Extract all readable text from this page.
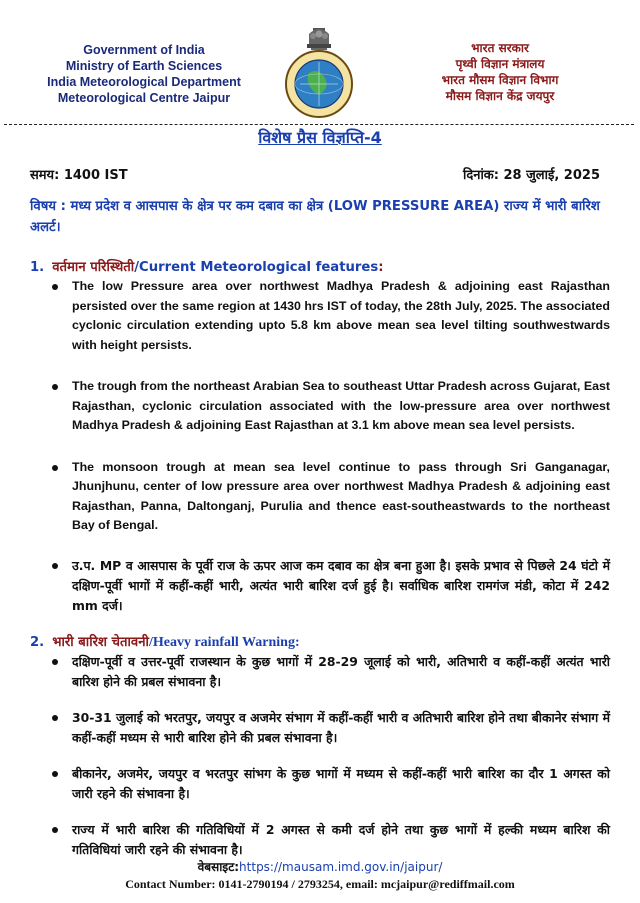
Government of India
Ministry of Earth Sciences
India Meteorological Department
Meteorological Centre Jaipur
भारत सरकार
पृथ्वी विज्ञान मंत्रालय
भारत मौसम विज्ञान विभाग
मौसम विज्ञान केंद्र जयपुर
विशेष प्रैस विज्ञप्ति-4
समय: 1400 IST	दिनांक: 28 जुलाई, 2025
विषय : मध्य प्रदेश व आसपास के क्षेत्र पर कम दबाव का क्षेत्र (LOW PRESSURE AREA) राज्य में भारी बारिश अलर्ट।
1. वर्तमान परिस्थिती/Current Meteorological features:
The low Pressure area over northwest Madhya Pradesh & adjoining east Rajasthan persisted over the same region at 1430 hrs IST of today, the 28th July, 2025. The associated cyclonic circulation extending upto 5.8 km above mean sea level tilting southwestwards with height persists.
The trough from the northeast Arabian Sea to southeast Uttar Pradesh across Gujarat, East Rajasthan, cyclonic circulation associated with the low-pressure area over northwest Madhya Pradesh & adjoining East Rajasthan at 3.1 km above mean sea level persists.
The monsoon trough at mean sea level continue to pass through Sri Ganganagar, Jhunjhunu, center of low pressure area over northwest Madhya Pradesh & adjoining east Rajasthan, Panna, Daltonganj, Purulia and thence east-southeastwards to the northeast Bay of Bengal.
उ.प. MP व आसपास के पूर्वी राज के ऊपर आज कम दबाव का क्षेत्र बना हुआ है। इसके प्रभाव से पिछले 24 घंटो में दक्षिण-पूर्वी भागों में कहीं-कहीं भारी, अत्यंत भारी बारिश दर्ज हुई है। सर्वाधिक बारिश रामगंज मंडी, कोटा में 242 mm दर्ज।
2. भारी बारिश चेतावनी/Heavy rainfall Warning:
दक्षिण-पूर्वी व उत्तर-पूर्वी राजस्थान के कुछ भागों में 28-29 जूलाई को भारी, अतिभारी व कहीं-कहीं अत्यंत भारी बारिश होने की प्रबल संभावना है।
30-31 जुलाई को भरतपुर, जयपुर व अजमेर संभाग में कहीं-कहीं भारी व अतिभारी बारिश होने तथा बीकानेर संभाग में कहीं-कहीं मध्यम से भारी बारिश होने की प्रबल संभावना है।
बीकानेर, अजमेर, जयपुर व भरतपुर सांभग के कुछ भागों में मध्यम से कहीं-कहीं भारी बारिश का दौर 1 अगस्त को जारी रहने की संभावना है।
राज्य में भारी बारिश की गतिविधियों में 2 अगस्त से कमी दर्ज होने तथा कुछ भागों में हल्की मध्यम बारिश की गतिविधियां जारी रहने की संभावना है।
वेबसाइट:https://mausam.imd.gov.in/jaipur/
Contact Number: 0141-2790194 / 2793254, email: mcjaipur@rediffmail.com
